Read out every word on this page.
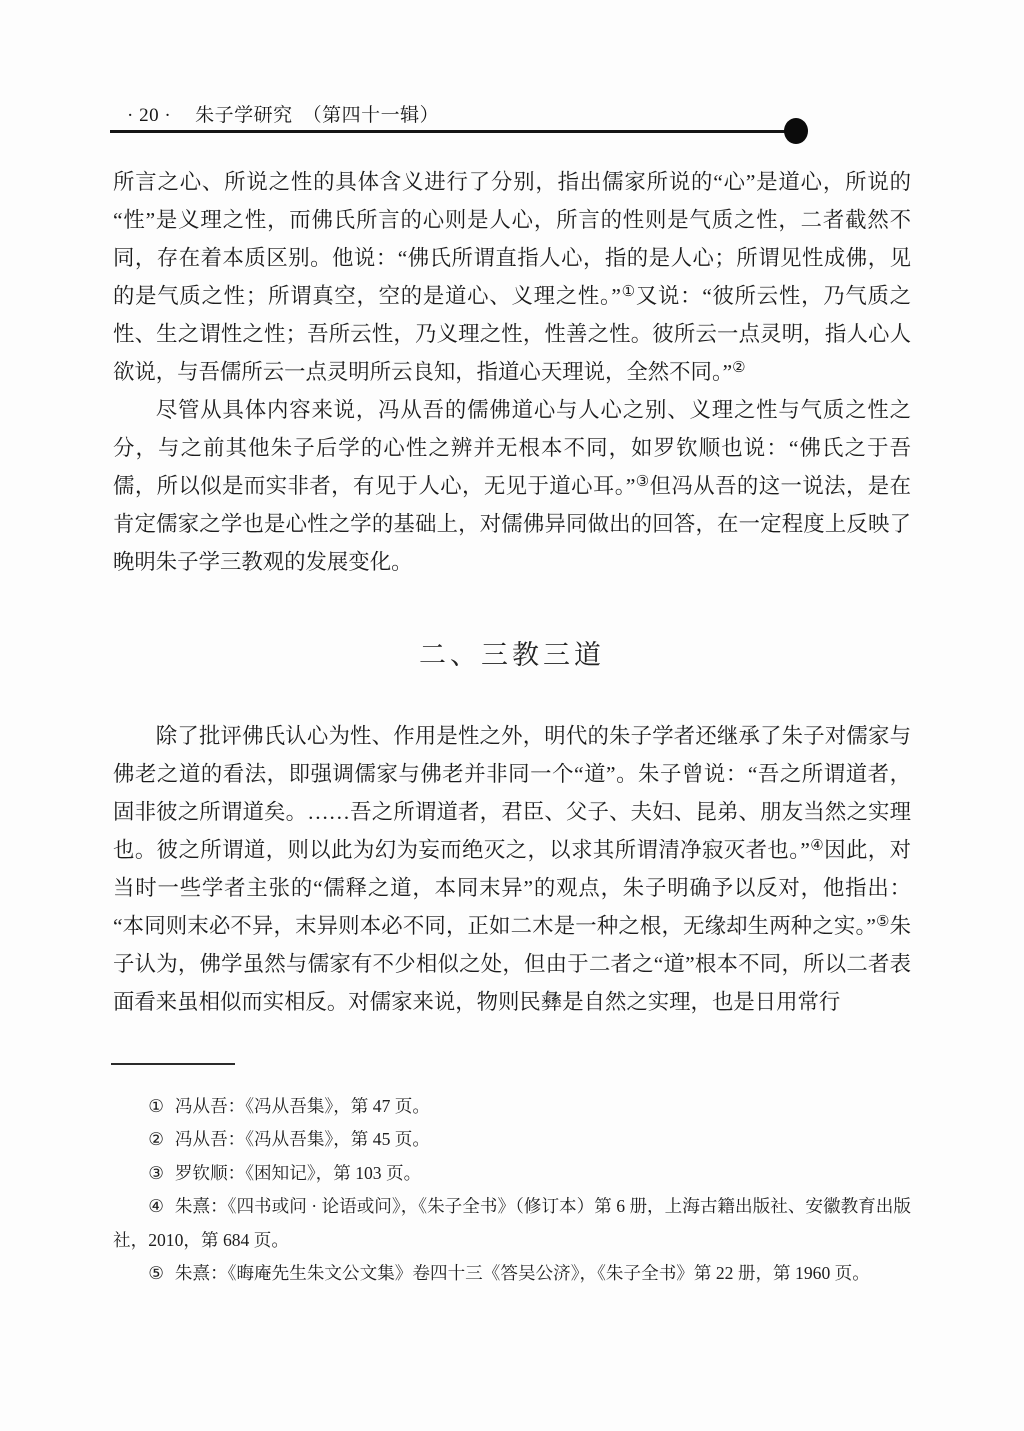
· 20 · 朱子学研究 （第四十一辑）

所言之心、所说之性的具体含义进行了分别，指出儒家所说的“心”是道心，所说的“性”是义理之性，而佛氏所言的心则是人心，所言的性则是气质之性，二者截然不同，存在着本质区别。他说：“佛氏所谓直指人心，指的是人心；所谓见性成佛，见的是气质之性；所谓真空，空的是道心、义理之性。”①又说：“彼所云性，乃气质之性、生之谓性之性；吾所云性，乃义理之性，性善之性。彼所云一点灵明，指人心人欲说，与吾儒所云一点灵明所云良知，指道心天理说，全然不同。”②

尽管从具体内容来说，冯从吾的儒佛道心与人心之别、义理之性与气质之性之分，与之前其他朱子后学的心性之辨并无根本不同，如罗钦顺也说：“佛氏之于吾儒，所以似是而实非者，有见于人心，无见于道心耳。”③但冯从吾的这一说法，是在肯定儒家之学也是心性之学的基础上，对儒佛异同做出的回答，在一定程度上反映了晚明朱子学三教观的发展变化。

二、三教三道

除了批评佛氏认心为性、作用是性之外，明代的朱子学者还继承了朱子对儒家与佛老之道的看法，即强调儒家与佛老并非同一个“道”。朱子曾说：“吾之所谓道者，固非彼之所谓道矣。……吾之所谓道者，君臣、父子、夫妇、昆弟、朋友当然之实理也。彼之所谓道，则以此为幻为妄而绝灭之，以求其所谓清净寂灭者也。”④因此，对当时一些学者主张的“儒释之道，本同末异”的观点，朱子明确予以反对，他指出：“本同则末必不异，末异则本必不同，正如二木是一种之根，无缘却生两种之实。”⑤朱子认为，佛学虽然与儒家有不少相似之处，但由于二者之“道”根本不同，所以二者表面看来虽相似而实相反。对儒家来说，物则民彝是自然之实理，也是日用常行

① 冯从吾：《冯从吾集》，第 47 页。

② 冯从吾：《冯从吾集》，第 45 页。

③ 罗钦顺：《困知记》，第 103 页。

④ 朱熹：《四书或问 · 论语或问》，《朱子全书》（修订本）第 6 册，上海古籍出版社、安徽教育出版社，2010，第 684 页。

⑤ 朱熹：《晦庵先生朱文公文集》卷四十三《答吴公济》，《朱子全书》第 22 册，第 1960 页。
